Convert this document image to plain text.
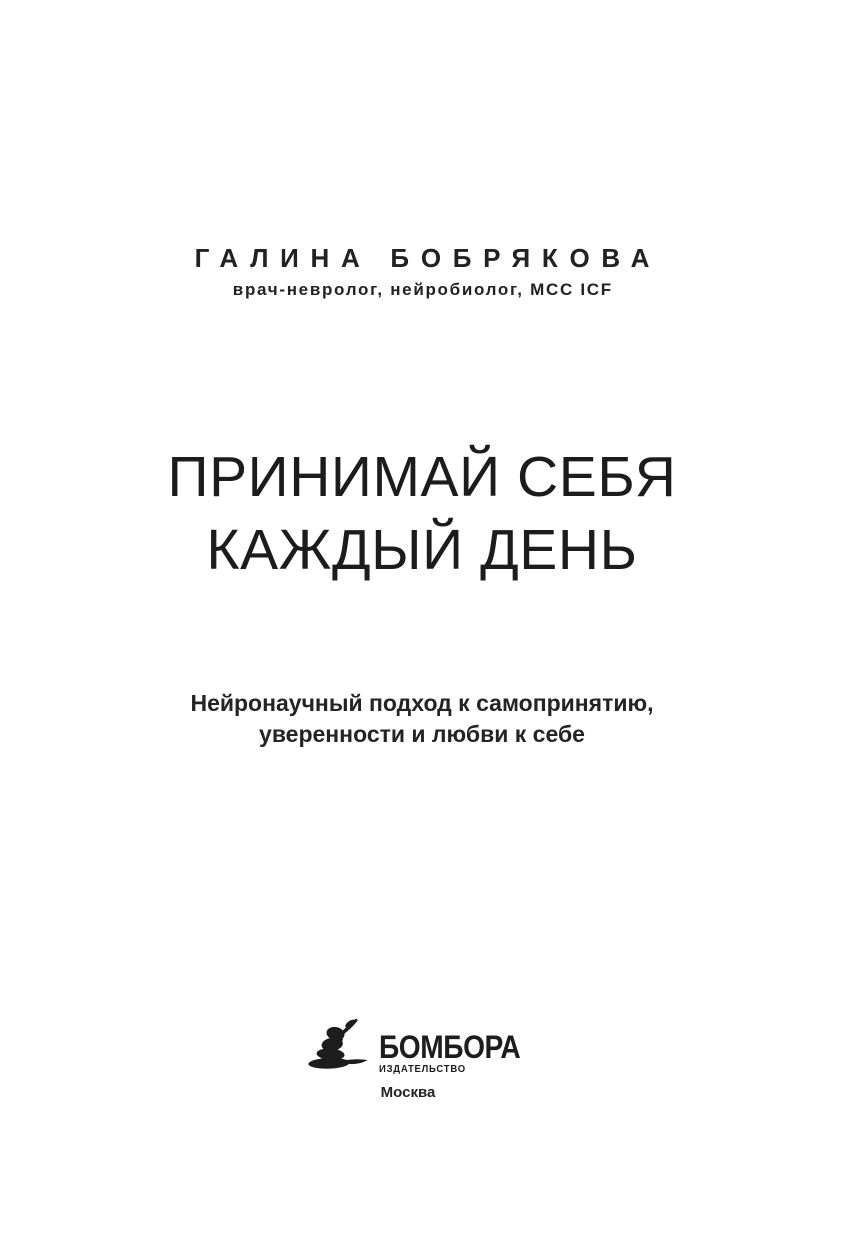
ГАЛИНА БОБРЯКОВА
врач-невролог, нейробиолог, MCC ICF
ПРИНИМАЙ СЕБЯ
КАЖДЫЙ ДЕНЬ
Нейронаучный подход к самопринятию,
уверенности и любви к себе
БОМБОРА
ИЗДАТЕЛЬСТВО
Москва
